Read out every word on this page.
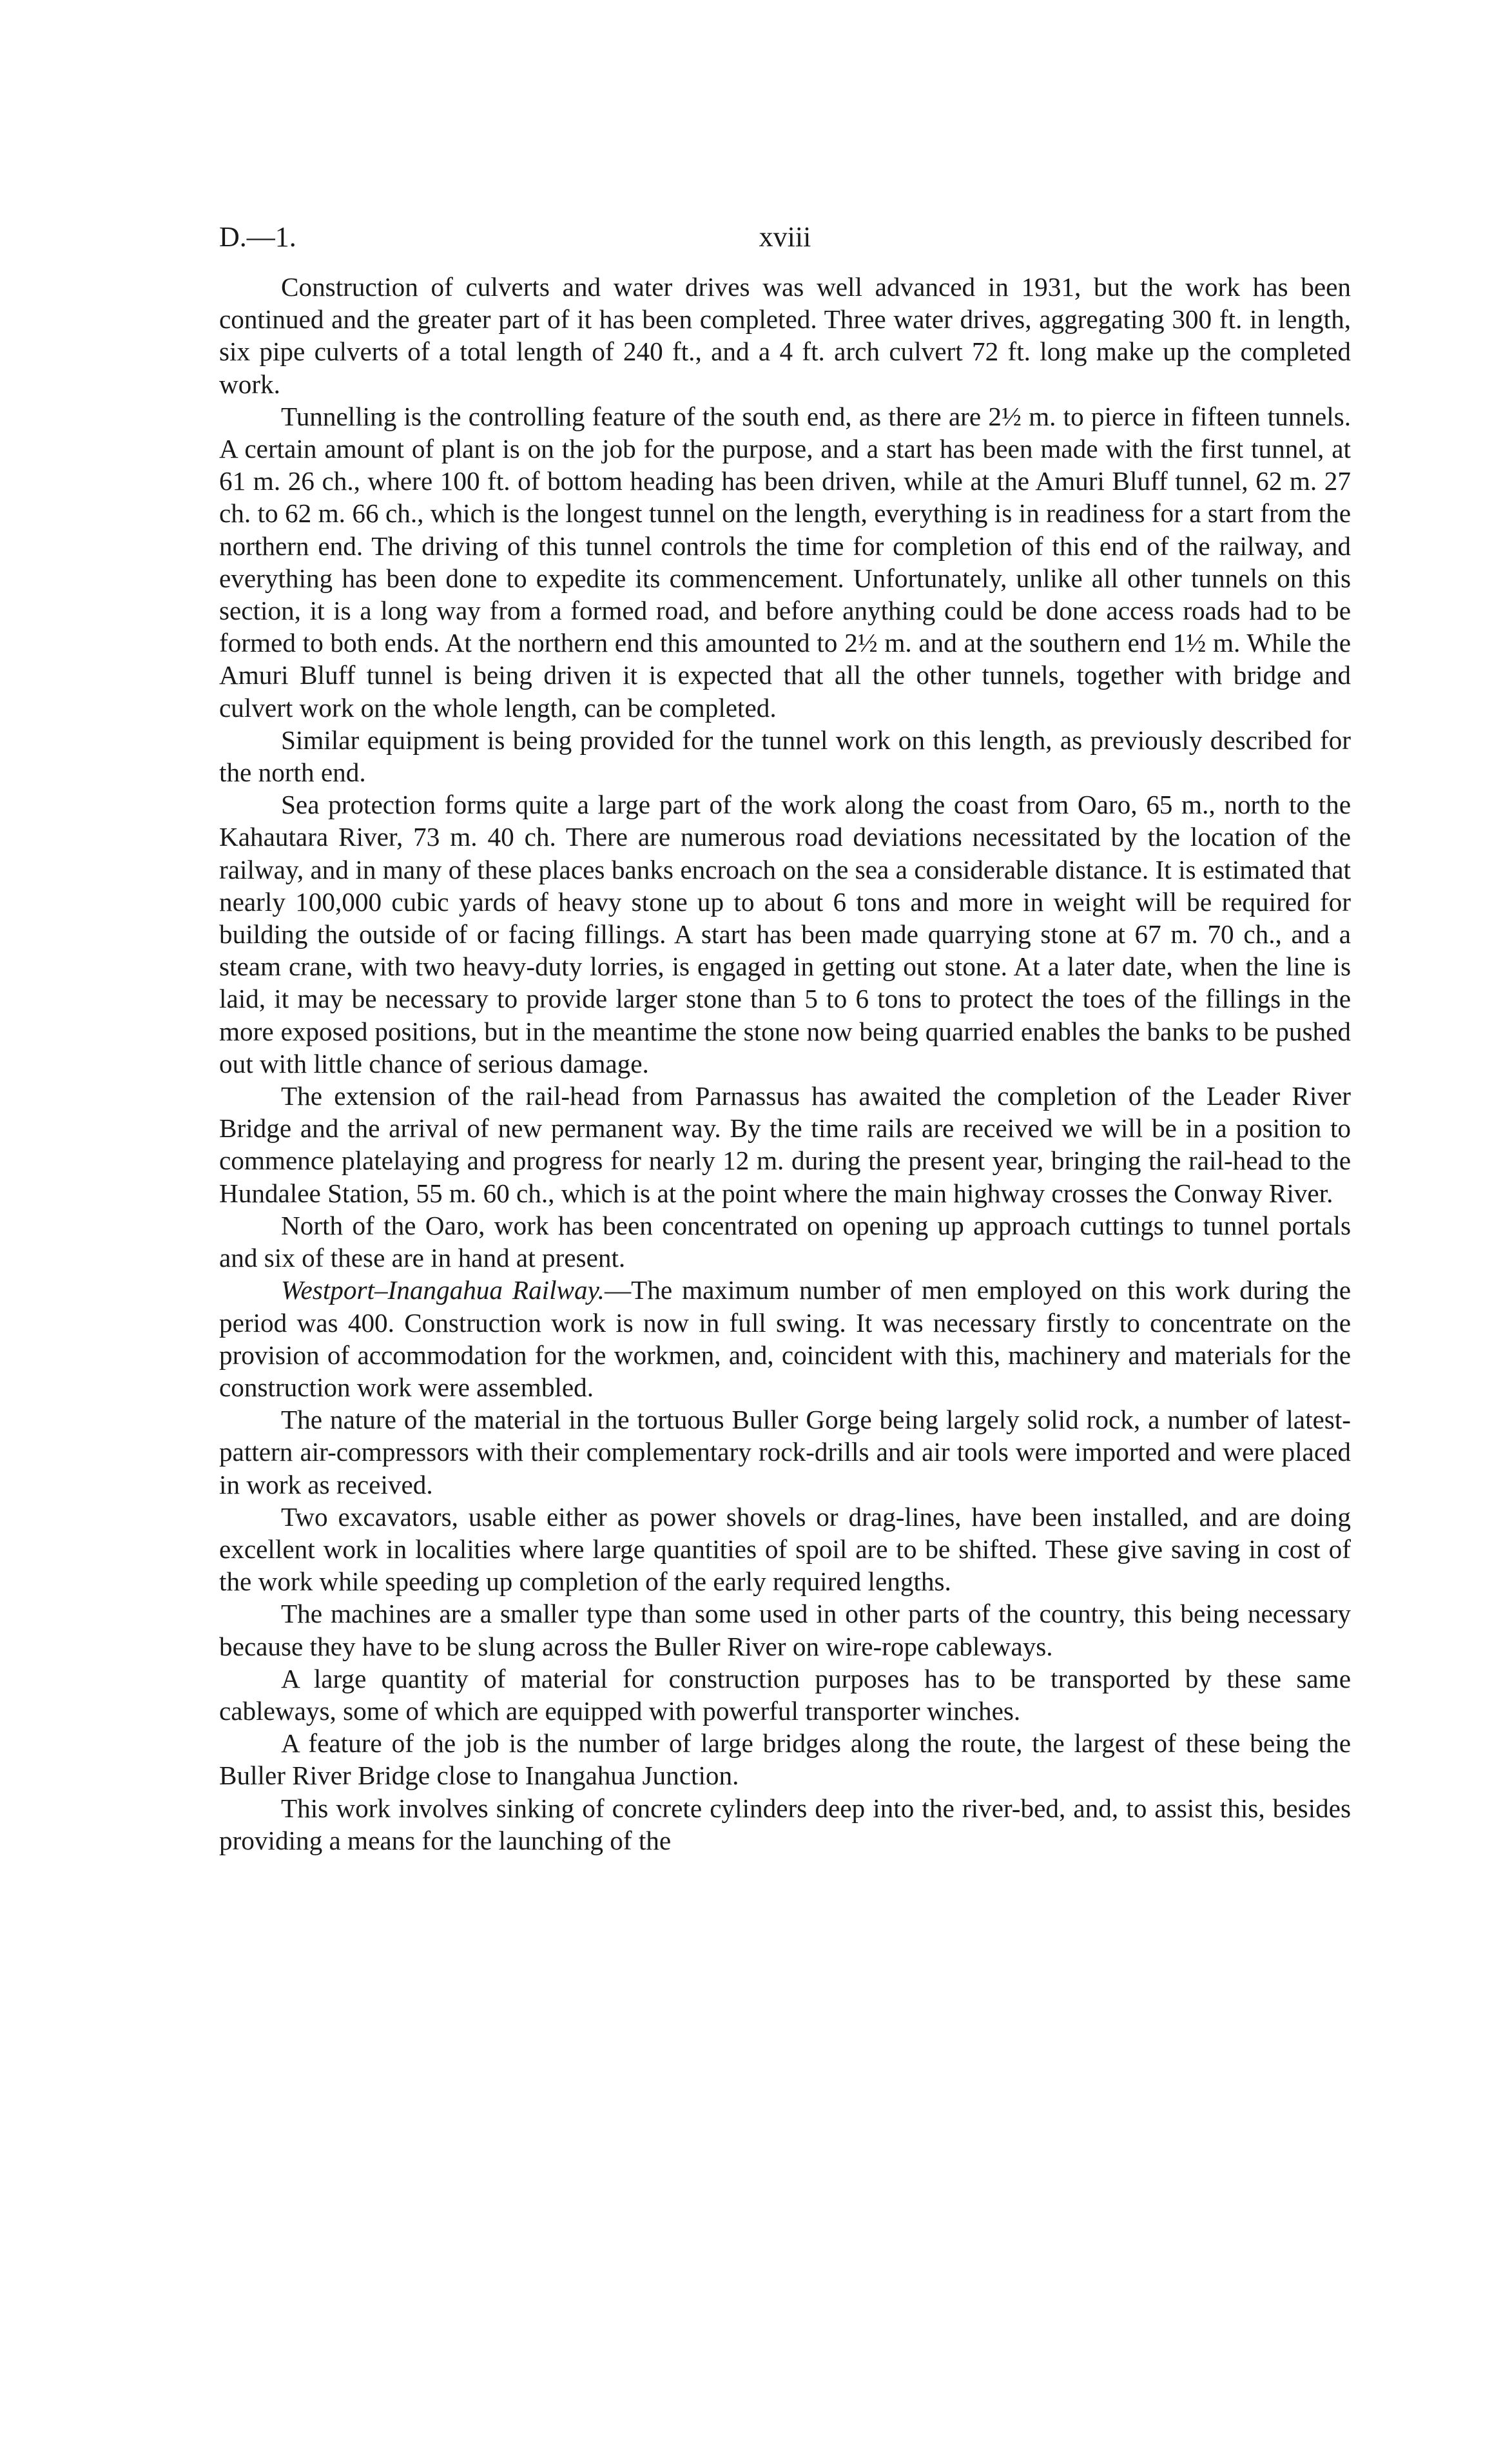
D.—1.	xviii

Construction of culverts and water drives was well advanced in 1931, but the work has been continued and the greater part of it has been completed. Three water drives, aggregating 300 ft. in length, six pipe culverts of a total length of 240 ft., and a 4 ft. arch culvert 72 ft. long make up the completed work.

Tunnelling is the controlling feature of the south end, as there are 2½ m. to pierce in fifteen tunnels. A certain amount of plant is on the job for the purpose, and a start has been made with the first tunnel, at 61 m. 26 ch., where 100 ft. of bottom heading has been driven, while at the Amuri Bluff tunnel, 62 m. 27 ch. to 62 m. 66 ch., which is the longest tunnel on the length, everything is in readiness for a start from the northern end. The driving of this tunnel controls the time for completion of this end of the railway, and everything has been done to expedite its commencement. Unfortunately, unlike all other tunnels on this section, it is a long way from a formed road, and before anything could be done access roads had to be formed to both ends. At the northern end this amounted to 2½ m. and at the southern end 1½ m. While the Amuri Bluff tunnel is being driven it is expected that all the other tunnels, together with bridge and culvert work on the whole length, can be completed.

Similar equipment is being provided for the tunnel work on this length, as previously described for the north end.

Sea protection forms quite a large part of the work along the coast from Oaro, 65 m., north to the Kahautara River, 73 m. 40 ch. There are numerous road deviations necessitated by the location of the railway, and in many of these places banks encroach on the sea a considerable distance. It is estimated that nearly 100,000 cubic yards of heavy stone up to about 6 tons and more in weight will be required for building the outside of or facing fillings. A start has been made quarrying stone at 67 m. 70 ch., and a steam crane, with two heavy-duty lorries, is engaged in getting out stone. At a later date, when the line is laid, it may be necessary to provide larger stone than 5 to 6 tons to protect the toes of the fillings in the more exposed positions, but in the meantime the stone now being quarried enables the banks to be pushed out with little chance of serious damage.

The extension of the rail-head from Parnassus has awaited the completion of the Leader River Bridge and the arrival of new permanent way. By the time rails are received we will be in a position to commence platelaying and progress for nearly 12 m. during the present year, bringing the rail-head to the Hundalee Station, 55 m. 60 ch., which is at the point where the main highway crosses the Conway River.

North of the Oaro, work has been concentrated on opening up approach cuttings to tunnel portals and six of these are in hand at present.

Westport–Inangahua Railway.—The maximum number of men employed on this work during the period was 400. Construction work is now in full swing. It was necessary firstly to concentrate on the provision of accommodation for the workmen, and, coincident with this, machinery and materials for the construction work were assembled.

The nature of the material in the tortuous Buller Gorge being largely solid rock, a number of latest-pattern air-compressors with their complementary rock-drills and air tools were imported and were placed in work as received.

Two excavators, usable either as power shovels or drag-lines, have been installed, and are doing excellent work in localities where large quantities of spoil are to be shifted. These give saving in cost of the work while speeding up completion of the early required lengths.

The machines are a smaller type than some used in other parts of the country, this being necessary because they have to be slung across the Buller River on wire-rope cableways.

A large quantity of material for construction purposes has to be transported by these same cableways, some of which are equipped with powerful transporter winches.

A feature of the job is the number of large bridges along the route, the largest of these being the Buller River Bridge close to Inangahua Junction.

This work involves sinking of concrete cylinders deep into the river-bed, and, to assist this, besides providing a means for the launching of the
